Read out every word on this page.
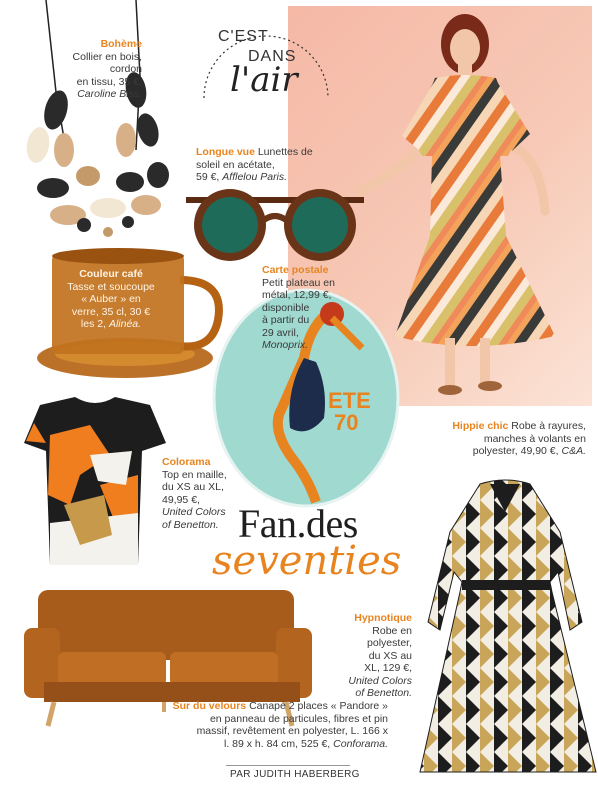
C'EST
DANS
l'air
ETE
70
Fan.des
seventies
Bohème
Collier en bois,
cordon
en tissu, 35 €,
Caroline Biss.
Longue vue Lunettes de
soleil en acétate,
59 €, Afflelou Paris.
Couleur café
Tasse et soucoupe
« Auber » en
verre, 35 cl, 30 €
les 2, Alinéa.
Carte postale
Petit plateau en
métal, 12,99 €,
disponible
à partir du
29 avril,
Monoprix.
Hippie chic Robe à rayures,
manches à volants en
polyester, 49,90 €, C&A.
Colorama
Top en maille,
du XS au XL,
49,95 €,
United Colors
of Benetton.
Hypnotique
Robe en
polyester,
du XS au
XL, 129 €,
United Colors
of Benetton.
Sur du velours Canapé 2 places « Pandore »
en panneau de particules, fibres et pin
massif, revêtement en polyester, L. 166 x
l. 89 x h. 84 cm, 525 €, Conforama.
PAR JUDITH HABERBERG
